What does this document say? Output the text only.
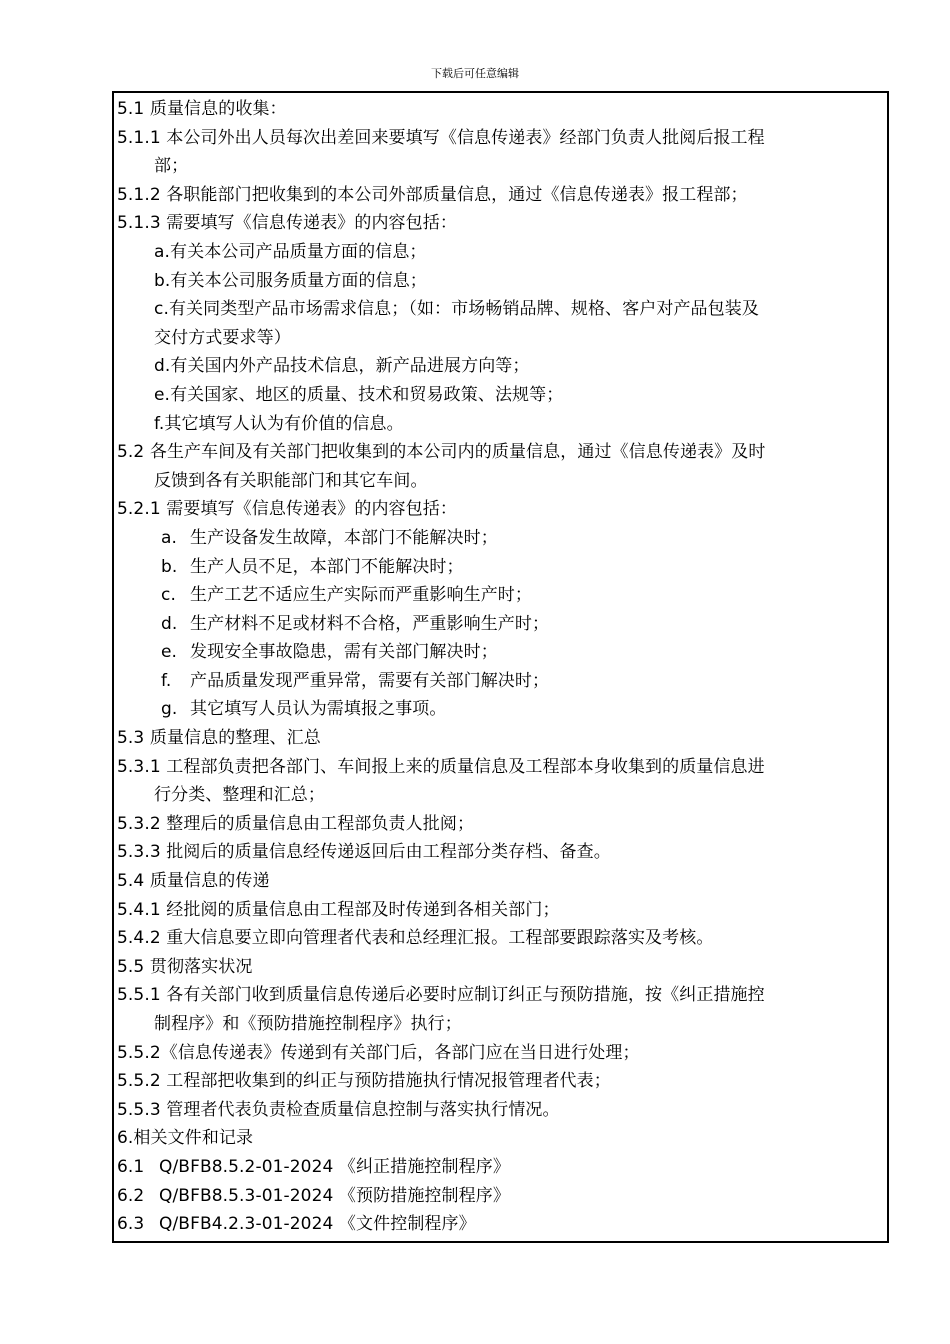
下载后可任意编辑
5.1 质量信息的收集：
5.1.1 本公司外出人员每次出差回来要填写《信息传递表》经部门负责人批阅后报工程
部；
5.1.2 各职能部门把收集到的本公司外部质量信息，通过《信息传递表》报工程部；
5.1.3 需要填写《信息传递表》的内容包括：
a.有关本公司产品质量方面的信息；
b.有关本公司服务质量方面的信息；
c.有关同类型产品市场需求信息；（如：市场畅销品牌、规格、客户对产品包装及
交付方式要求等）
d.有关国内外产品技术信息，新产品进展方向等；
e.有关国家、地区的质量、技术和贸易政策、法规等；
f.其它填写人认为有价值的信息。
5.2 各生产车间及有关部门把收集到的本公司内的质量信息，通过《信息传递表》及时
反馈到各有关职能部门和其它车间。
5.2.1 需要填写《信息传递表》的内容包括：
a. 生产设备发生故障，本部门不能解决时；
b. 生产人员不足，本部门不能解决时；
c. 生产工艺不适应生产实际而严重影响生产时；
d. 生产材料不足或材料不合格，严重影响生产时；
e. 发现安全事故隐患，需有关部门解决时；
f. 产品质量发现严重异常，需要有关部门解决时；
g. 其它填写人员认为需填报之事项。
5.3 质量信息的整理、汇总
5.3.1 工程部负责把各部门、车间报上来的质量信息及工程部本身收集到的质量信息进
行分类、整理和汇总；
5.3.2 整理后的质量信息由工程部负责人批阅；
5.3.3 批阅后的质量信息经传递返回后由工程部分类存档、备查。
5.4 质量信息的传递
5.4.1 经批阅的质量信息由工程部及时传递到各相关部门；
5.4.2 重大信息要立即向管理者代表和总经理汇报。工程部要跟踪落实及考核。
5.5 贯彻落实状况
5.5.1 各有关部门收到质量信息传递后必要时应制订纠正与预防措施，按《纠正措施控
制程序》和《预防措施控制程序》执行；
5.5.2《信息传递表》传递到有关部门后，各部门应在当日进行处理；
5.5.2 工程部把收集到的纠正与预防措施执行情况报管理者代表；
5.5.3 管理者代表负责检查质量信息控制与落实执行情况。
6.相关文件和记录
6.1 Q/BFB8.5.2-01-2024 《纠正措施控制程序》
6.2 Q/BFB8.5.3-01-2024 《预防措施控制程序》
6.3 Q/BFB4.2.3-01-2024 《文件控制程序》
